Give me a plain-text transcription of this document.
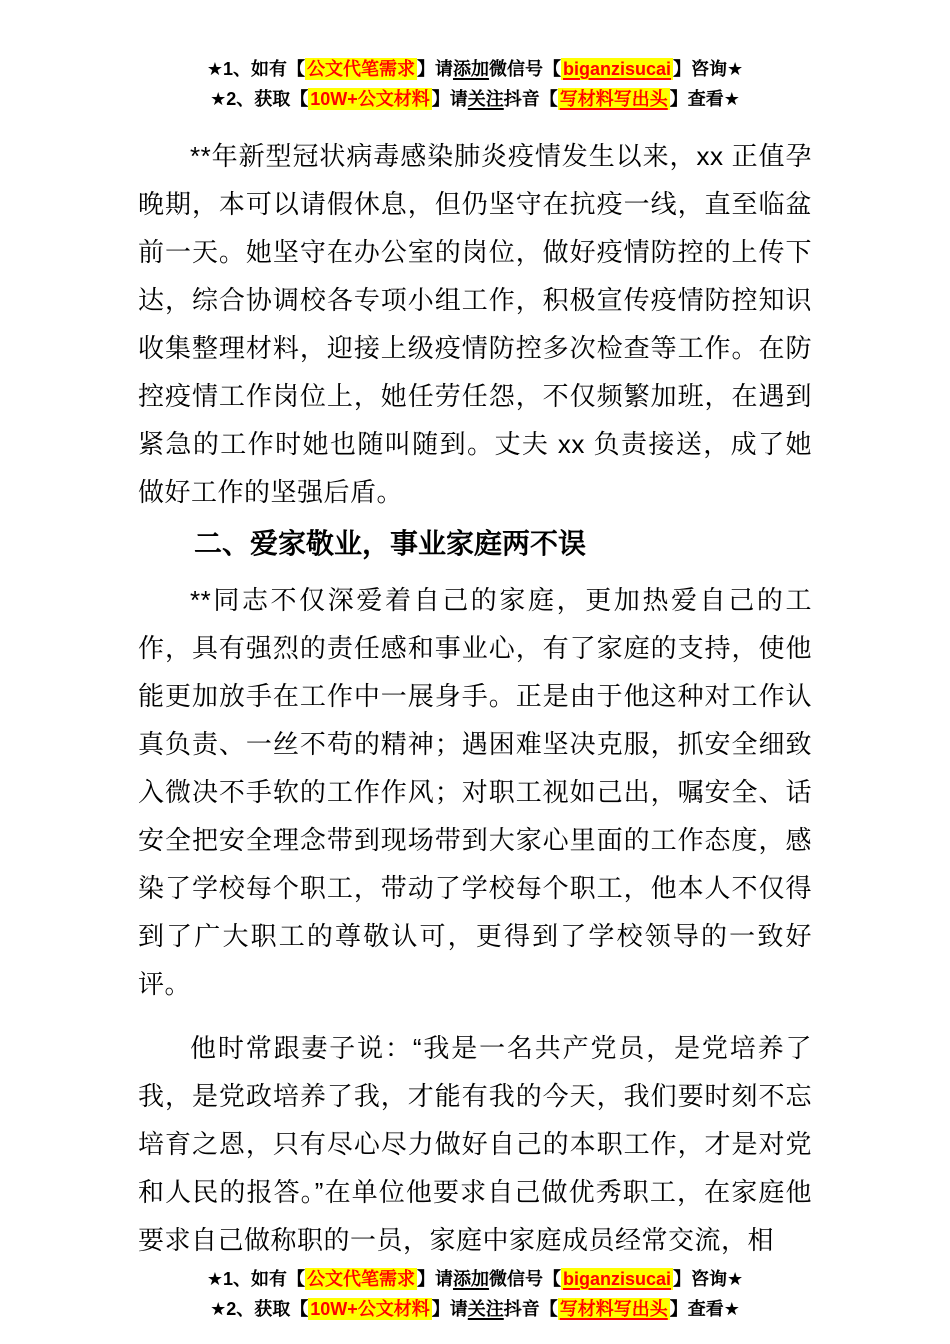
★1、如有【 公文代笔需求 】请添加微信号【 biganzisucai 】咨询★
★2、获取【 10W+公文材料 】请关注抖音【 写材料写出头 】查看★

**年新型冠状病毒感染肺炎疫情发生以来，xx 正值孕晚期，本可以请假休息，但仍坚守在抗疫一线，直至临盆前一天。她坚守在办公室的岗位，做好疫情防控的上传下达，综合协调校各专项小组工作，积极宣传疫情防控知识收集整理材料，迎接上级疫情防控多次检查等工作。在防控疫情工作岗位上，她任劳任怨，不仅频繁加班，在遇到紧急的工作时她也随叫随到。丈夫 xx 负责接送，成了她做好工作的坚强后盾。

二、爱家敬业，事业家庭两不误

**同志不仅深爱着自己的家庭，更加热爱自己的工作，具有强烈的责任感和事业心，有了家庭的支持，使他能更加放手在工作中一展身手。正是由于他这种对工作认真负责、一丝不苟的精神；遇困难坚决克服，抓安全细致入微决不手软的工作作风；对职工视如己出，嘱安全、话安全把安全理念带到现场带到大家心里面的工作态度，感染了学校每个职工，带动了学校每个职工，他本人不仅得到了广大职工的尊敬认可，更得到了学校领导的一致好评。

他时常跟妻子说：“我是一名共产党员，是党培养了我，是党政培养了我，才能有我的今天，我们要时刻不忘培育之恩，只有尽心尽力做好自己的本职工作，才是对党和人民的报答。”在单位他要求自己做优秀职工，在家庭他要求自己做称职的一员，家庭中家庭成员经常交流，相

★1、如有【 公文代笔需求 】请添加微信号【 biganzisucai 】咨询★
★2、获取【 10W+公文材料 】请关注抖音【 写材料写出头 】查看★
